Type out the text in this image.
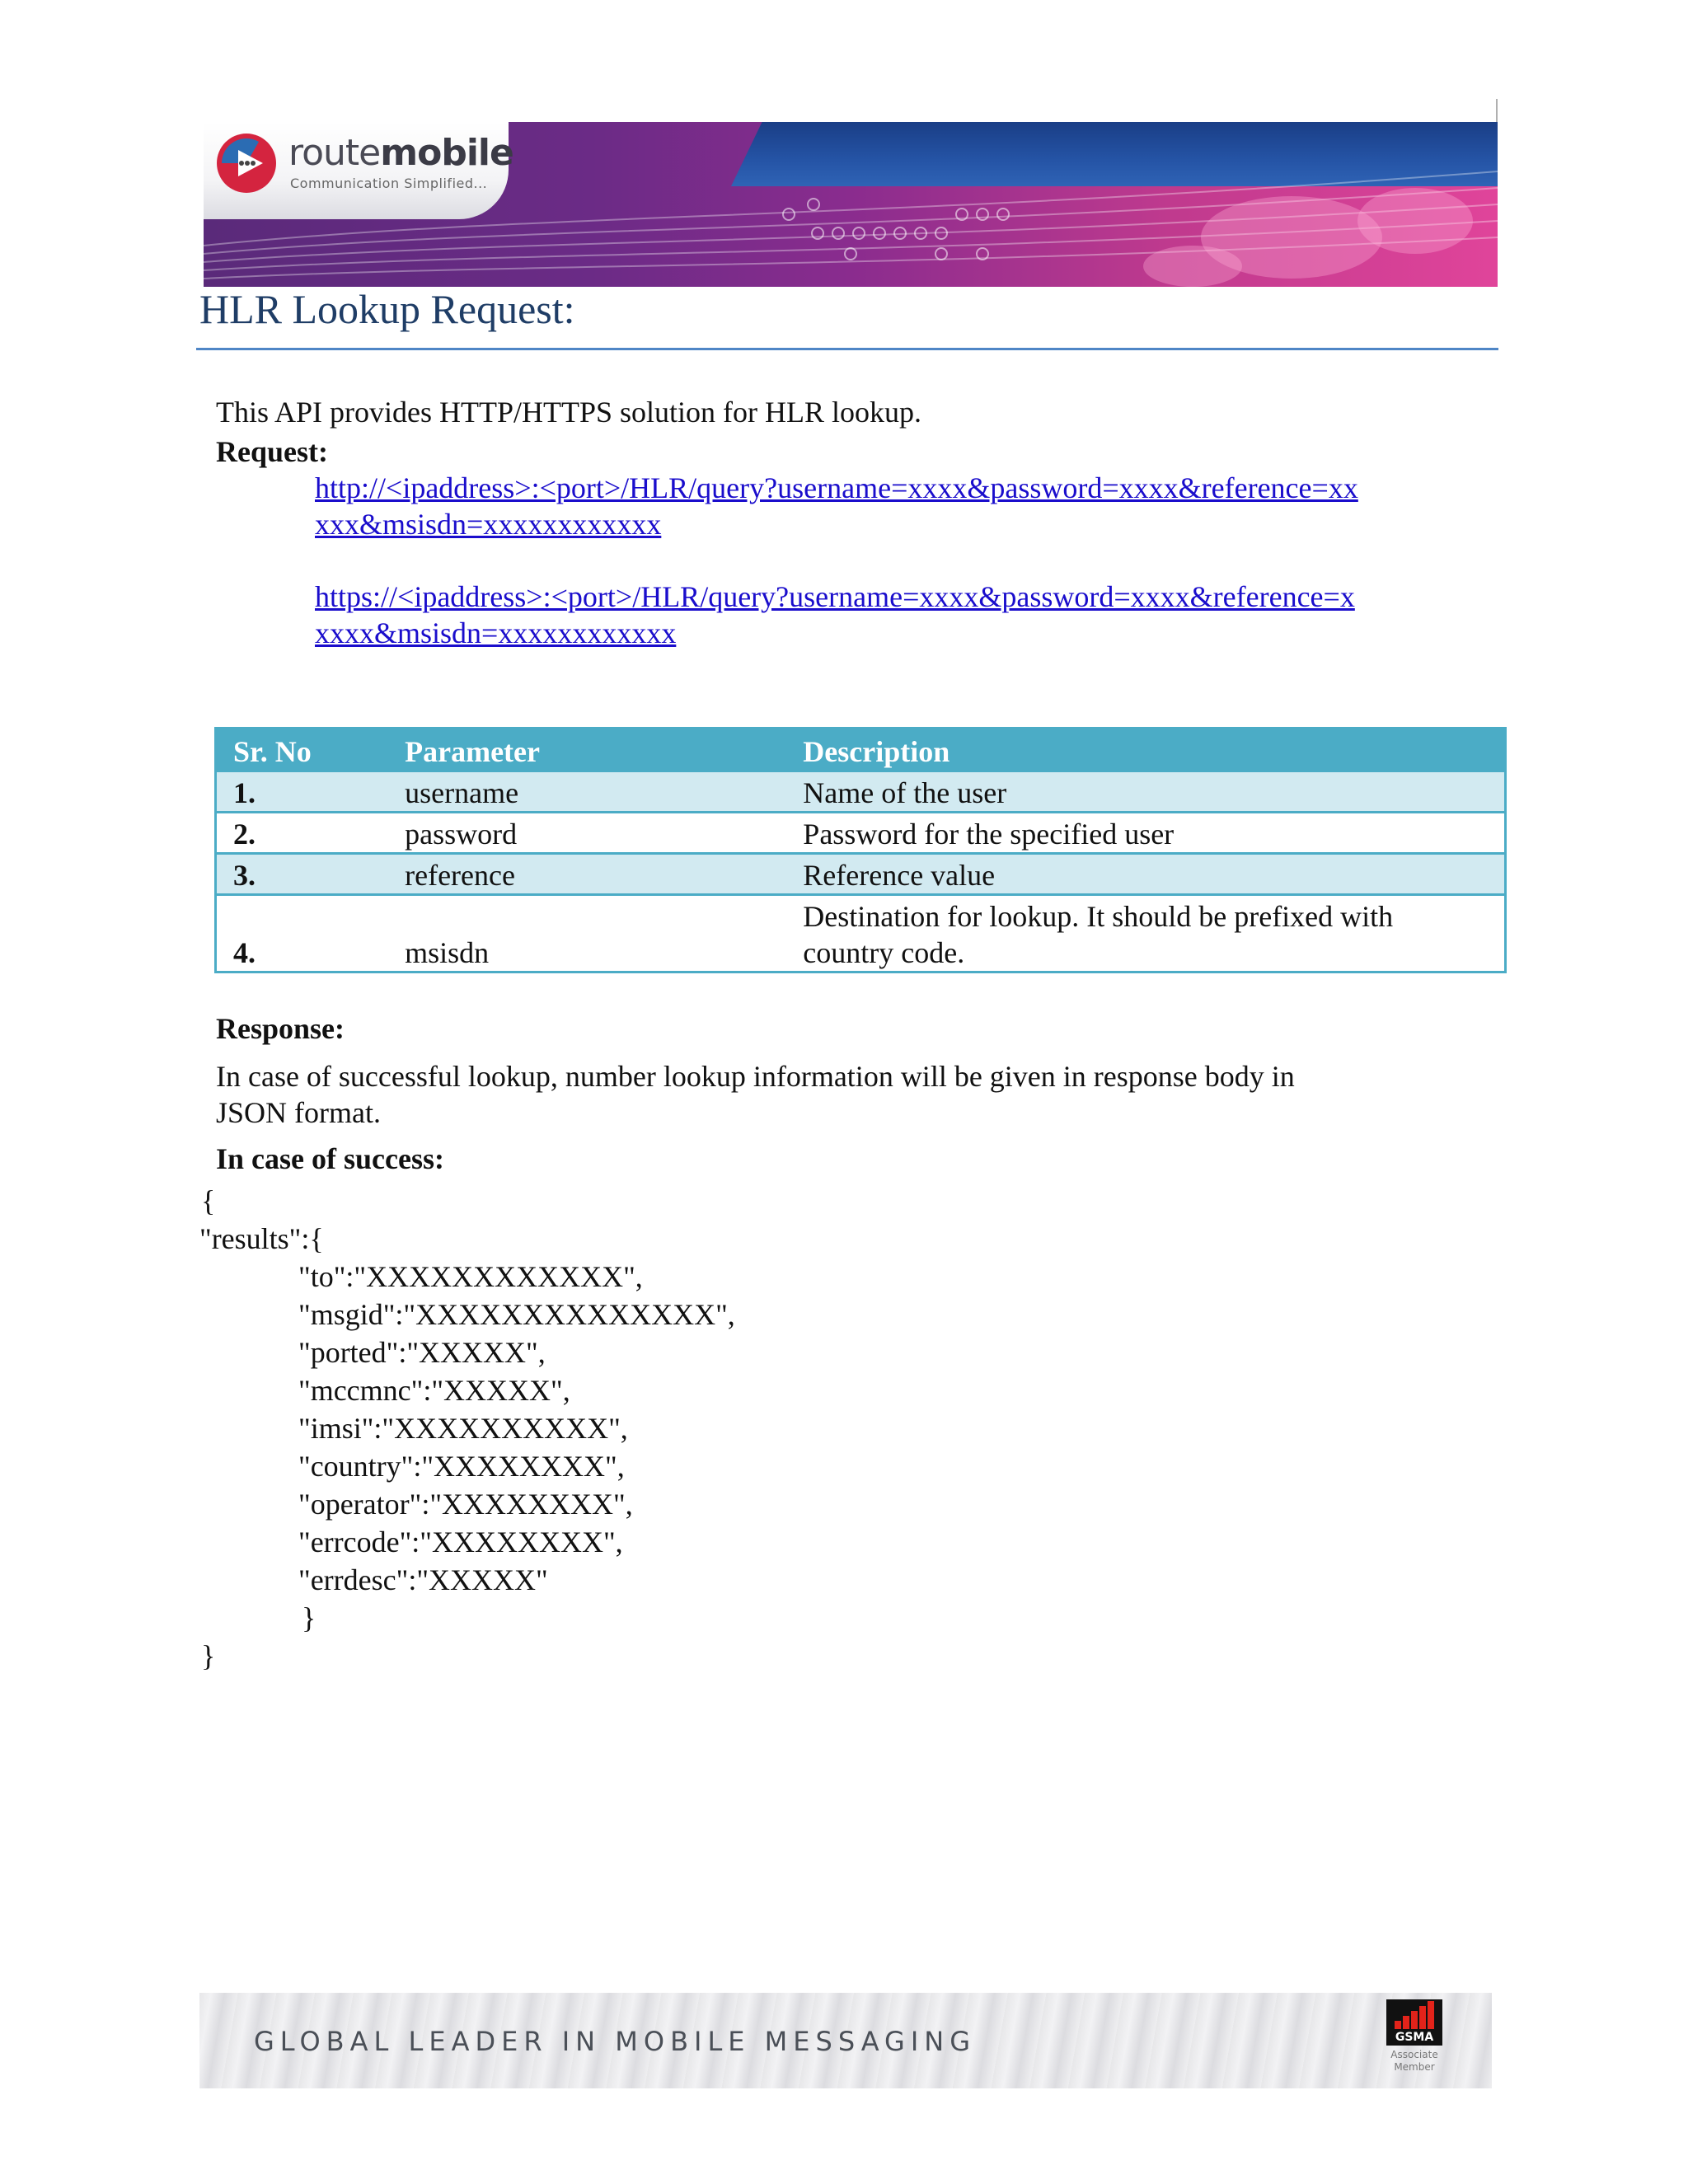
routemobile
Communication Simplified...
HLR Lookup Request:
This API provides HTTP/HTTPS solution for HLR lookup.
Request:
http://<ipaddress>:<port>/HLR/query?username=xxxx&password=xxxx&reference=xx
xxx&msisdn=xxxxxxxxxxxx
https://<ipaddress>:<port>/HLR/query?username=xxxx&password=xxxx&reference=x
xxxx&msisdn=xxxxxxxxxxxx
Sr. No	Parameter	Description
1.	username	Name of the user
2.	password	Password for the specified user
3.	reference	Reference value
4.	msisdn	Destination for lookup. It should be prefixed with
country code.
Response:
In case of successful lookup, number lookup information will be given in response body in
JSON format.
In case of success:
{
"results":{
"to":"XXXXXXXXXXXX",
"msgid":"XXXXXXXXXXXXXX",
"ported":"XXXXX",
"mccmnc":"XXXXX",
"imsi":"XXXXXXXXXX",
"country":"XXXXXXXX",
"operator":"XXXXXXXX",
"errcode":"XXXXXXXX",
"errdesc":"XXXXX"
}
}
GLOBAL LEADER IN MOBILE MESSAGING	GSMA
Associate
Member
